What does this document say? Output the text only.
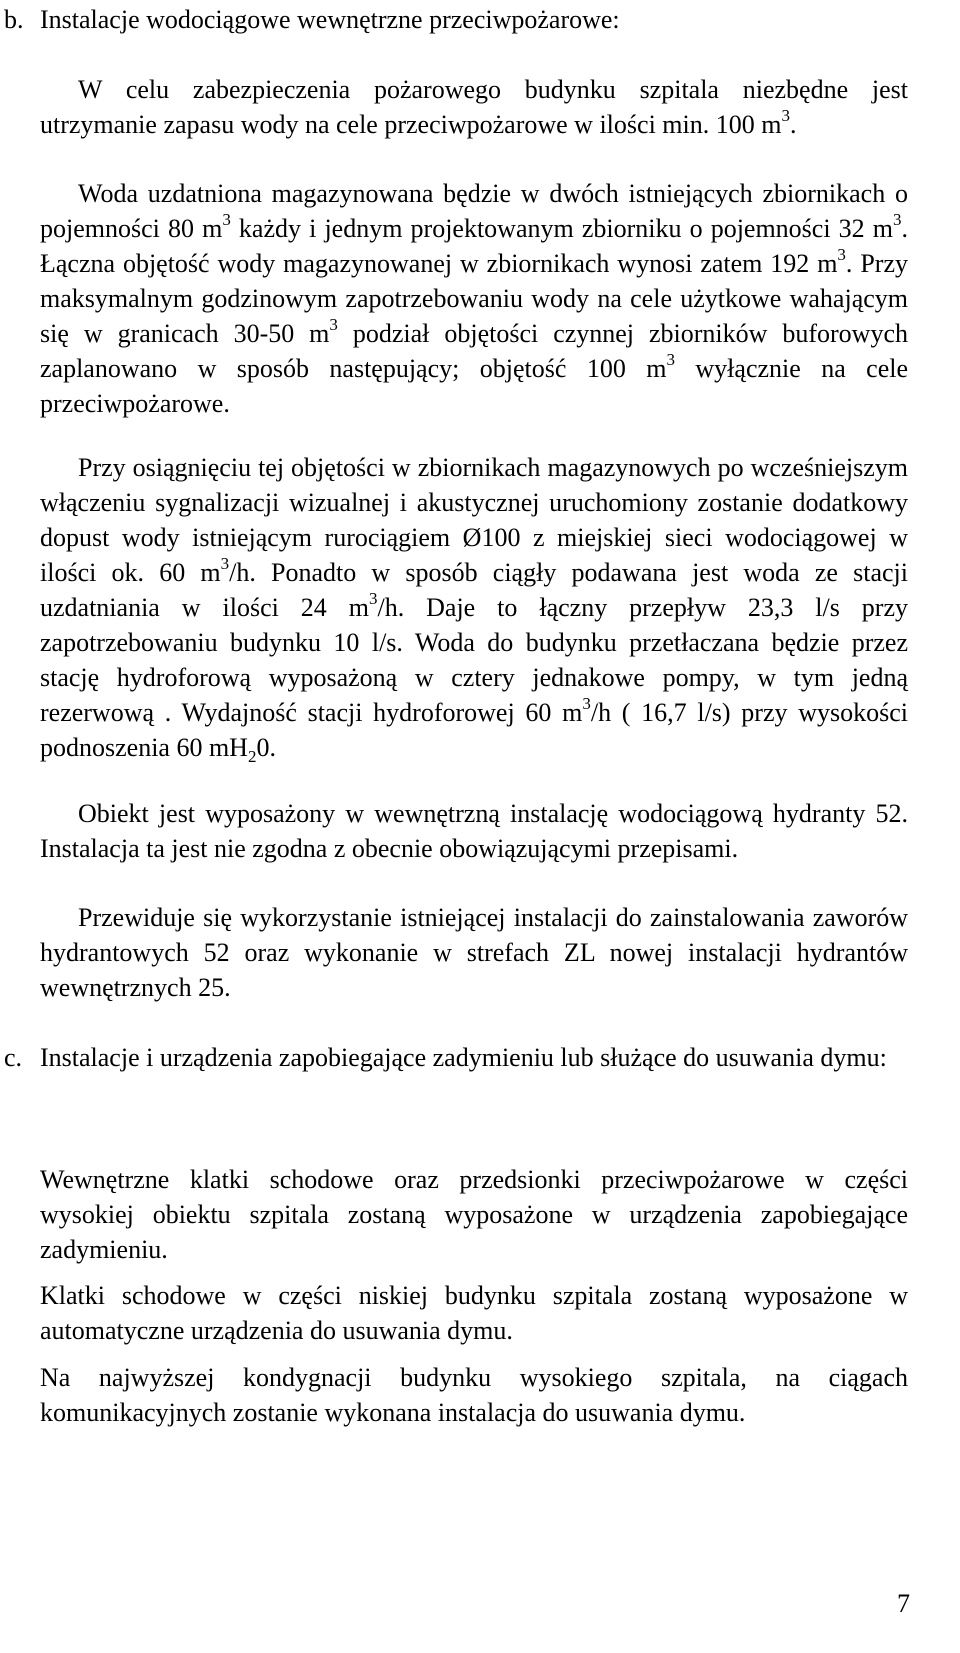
b. Instalacje wodociągowe wewnętrzne przeciwpożarowe:

W celu zabezpieczenia pożarowego budynku szpitala niezbędne jest utrzymanie zapasu wody na cele przeciwpożarowe w ilości min. 100 $m^3$.

Woda uzdatniona magazynowana będzie w dwóch istniejących zbiornikach o pojemności 80 $m^3$ każdy i jednym projektowanym zbiorniku o pojemności 32 $m^3$. Łączna objętość wody magazynowanej w zbiornikach wynosi zatem 192 $m^3$. Przy maksymalnym godzinowym zapotrzebowaniu wody na cele użytkowe wahającym się w granicach 30-50 $m^3$ podział objętości czynnej zbiorników buforowych zaplanowano w sposób następujący; objętość 100 $m^3$ wyłącznie na cele przeciwpożarowe.

Przy osiągnięciu tej objętości w zbiornikach magazynowych po wcześniejszym włączeniu sygnalizacji wizualnej i akustycznej uruchomiony zostanie dodatkowy dopust wody istniejącym rurociągiem Ø100 z miejskiej sieci wodociągowej w ilości ok. 60 $m^3/h$. Ponadto w sposób ciągły podawana jest woda ze stacji uzdatniania w ilości 24 $m^3/h$. Daje to łączny przepływ 23,3 l/s przy zapotrzebowaniu budynku 10 l/s. Woda do budynku przetłaczana będzie przez stację hydroforową wyposażoną w cztery jednakowe pompy, w tym jedną rezerwową . Wydajność stacji hydroforowej 60 $m^3/h$ ( 16,7 l/s) przy wysokości podnoszenia 60 $mH_20$.

Obiekt jest wyposażony w wewnętrzną instalację wodociągową hydranty 52. Instalacja ta jest nie zgodna z obecnie obowiązującymi przepisami.

Przewiduje się wykorzystanie istniejącej instalacji do zainstalowania zaworów hydrantowych 52 oraz wykonanie w strefach ZL nowej instalacji hydrantów wewnętrznych 25.

c. Instalacje i urządzenia zapobiegające zadymieniu lub służące do usuwania dymu:

Wewnętrzne klatki schodowe oraz przedsionki przeciwpożarowe w części wysokiej obiektu szpitala zostaną wyposażone w urządzenia zapobiegające zadymieniu.

Klatki schodowe w części niskiej budynku szpitala zostaną wyposażone w automatyczne urządzenia do usuwania dymu.

Na najwyższej kondygnacji budynku wysokiego szpitala, na ciągach komunikacyjnych zostanie wykonana instalacja do usuwania dymu.

7
